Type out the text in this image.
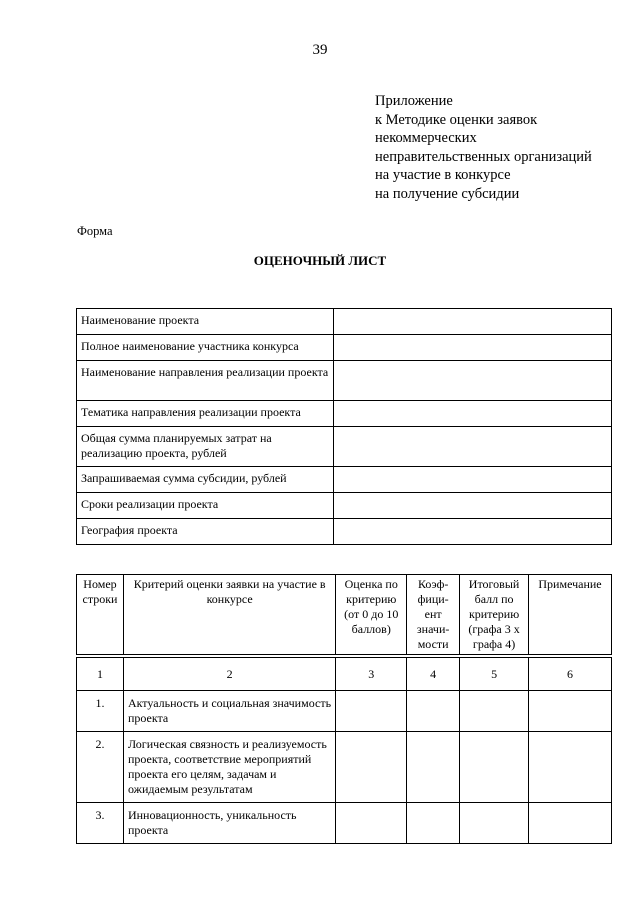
39
Приложение
к Методике оценки заявок
некоммерческих
неправительственных организаций
на участие в конкурсе
на получение субсидии
Форма
ОЦЕНОЧНЫЙ ЛИСТ
Наименование проекта	
Полное наименование участника конкурса	
Наименование направления реализации проекта	
Тематика направления реализации проекта	
Общая сумма планируемых затрат на реализацию проекта, рублей	
Запрашиваемая сумма субсидии, рублей	
Сроки реализации проекта	
География проекта	
Номер строки	Критерий оценки заявки на участие в конкурсе	Оценка по критерию (от 0 до 10 баллов)	Коэф-фици-ент значи-мости	Итоговый балл по критерию (графа 3 x графа 4)	Примечание

1	2	3	4	5	6
1.	Актуальность и социальная значимость проекта				
2.	Логическая связность и реализуемость проекта, соответствие мероприятий проекта его целям, задачам и ожидаемым результатам				
3.	Инновационность, уникальность проекта				
